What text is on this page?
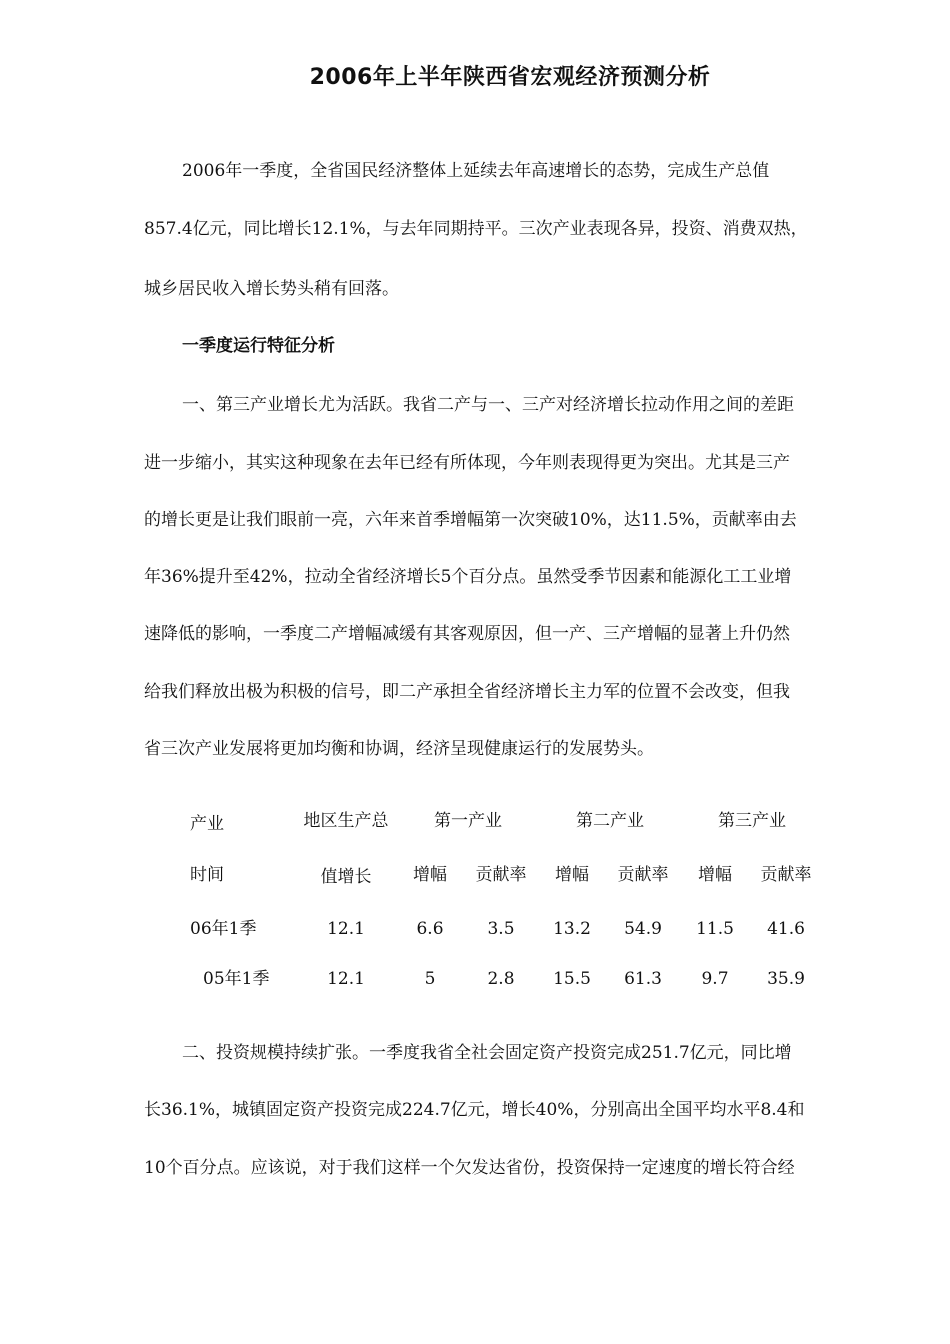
2006年上半年陕西省宏观经济预测分析
2006年一季度，全省国民经济整体上延续去年高速增长的态势，完成生产总值
857.4亿元，同比增长12.1%，与去年同期持平。三次产业表现各异，投资、消费双热，
城乡居民收入增长势头稍有回落。
一季度运行特征分析
一、第三产业增长尤为活跃。我省二产与一、三产对经济增长拉动作用之间的差距
进一步缩小，其实这种现象在去年已经有所体现，今年则表现得更为突出。尤其是三产
的增长更是让我们眼前一亮，六年来首季增幅第一次突破10%，达11.5%，贡献率由去
年36%提升至42%，拉动全省经济增长5个百分点。虽然受季节因素和能源化工工业增
速降低的影响，一季度二产增幅减缓有其客观原因，但一产、三产增幅的显著上升仍然
给我们释放出极为积极的信号，即二产承担全省经济增长主力军的位置不会改变，但我
省三次产业发展将更加均衡和协调，经济呈现健康运行的发展势头。
产业	地区生产总	第一产业	第二产业	第三产业
时间	值增长	增幅	贡献率	增幅	贡献率	增幅	贡献率
06年1季	12.1	6.6	3.5	13.2	54.9	11.5	41.6
05年1季	12.1	5	2.8	15.5	61.3	9.7	35.9
二、投资规模持续扩张。一季度我省全社会固定资产投资完成251.7亿元，同比增
长36.1%，城镇固定资产投资完成224.7亿元，增长40%，分别高出全国平均水平8.4和
10个百分点。应该说，对于我们这样一个欠发达省份，投资保持一定速度的增长符合经
